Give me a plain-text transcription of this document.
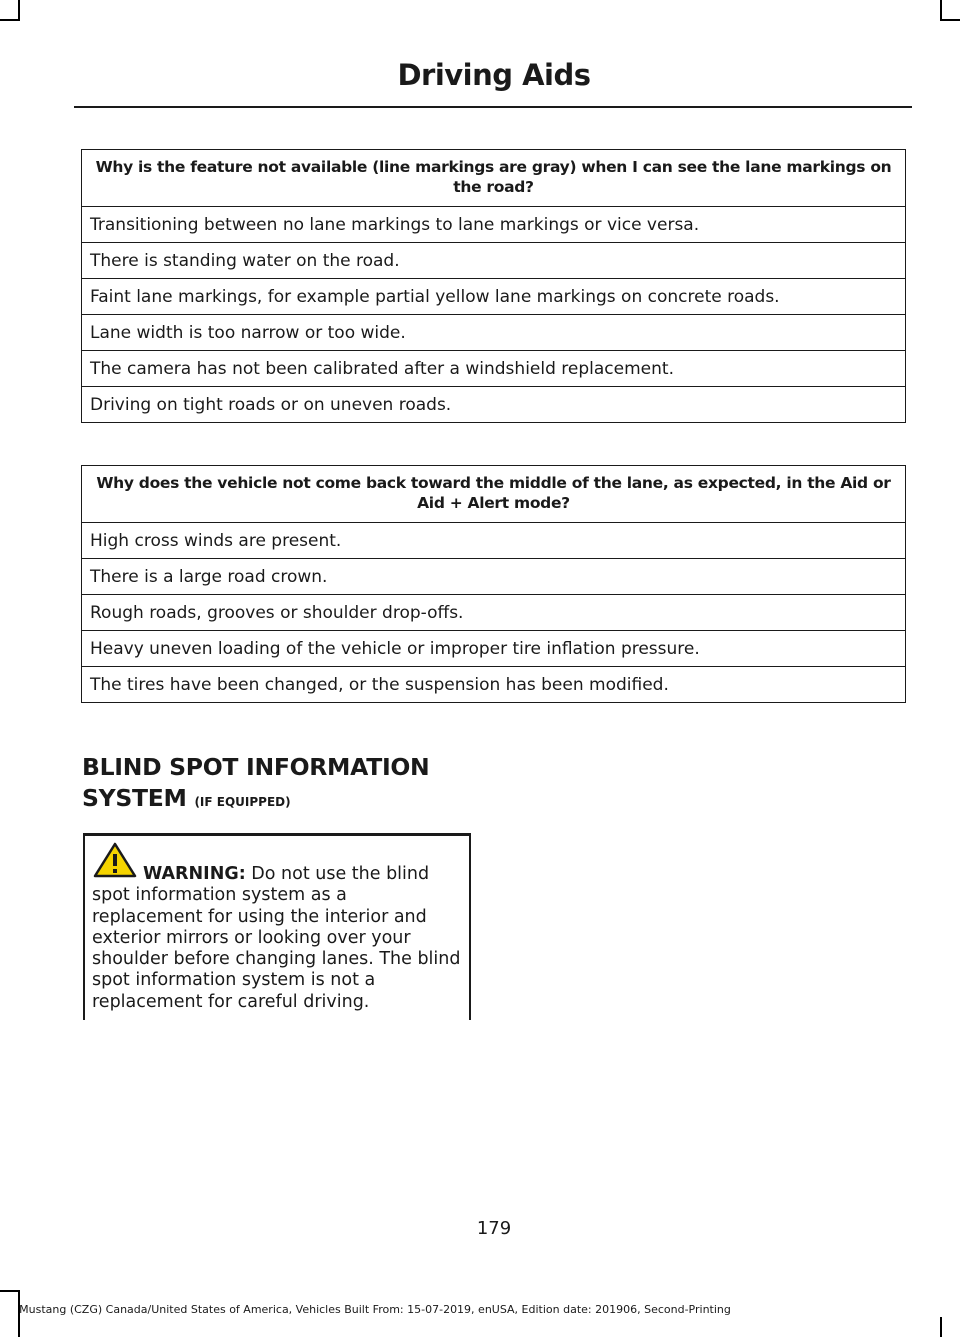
Driving Aids
Why is the feature not available (line markings are gray) when I can see the lane markings on the road?
Transitioning between no lane markings to lane markings or vice versa.
There is standing water on the road.
Faint lane markings, for example partial yellow lane markings on concrete roads.
Lane width is too narrow or too wide.
The camera has not been calibrated after a windshield replacement.
Driving on tight roads or on uneven roads.
Why does the vehicle not come back toward the middle of the lane, as expected, in the Aid or Aid + Alert mode?
High cross winds are present.
There is a large road crown.
Rough roads, grooves or shoulder drop-offs.
Heavy uneven loading of the vehicle or improper tire inflation pressure.
The tires have been changed, or the suspension has been modified.
BLIND SPOT INFORMATION
SYSTEM (IF EQUIPPED)

WARNING: Do not use the blind spot information system as a replacement for using the interior and exterior mirrors or looking over your shoulder before changing lanes. The blind spot information system is not a replacement for careful driving.

179
Mustang (CZG) Canada/United States of America, Vehicles Built From: 15-07-2019, enUSA, Edition date: 201906, Second-Printing
